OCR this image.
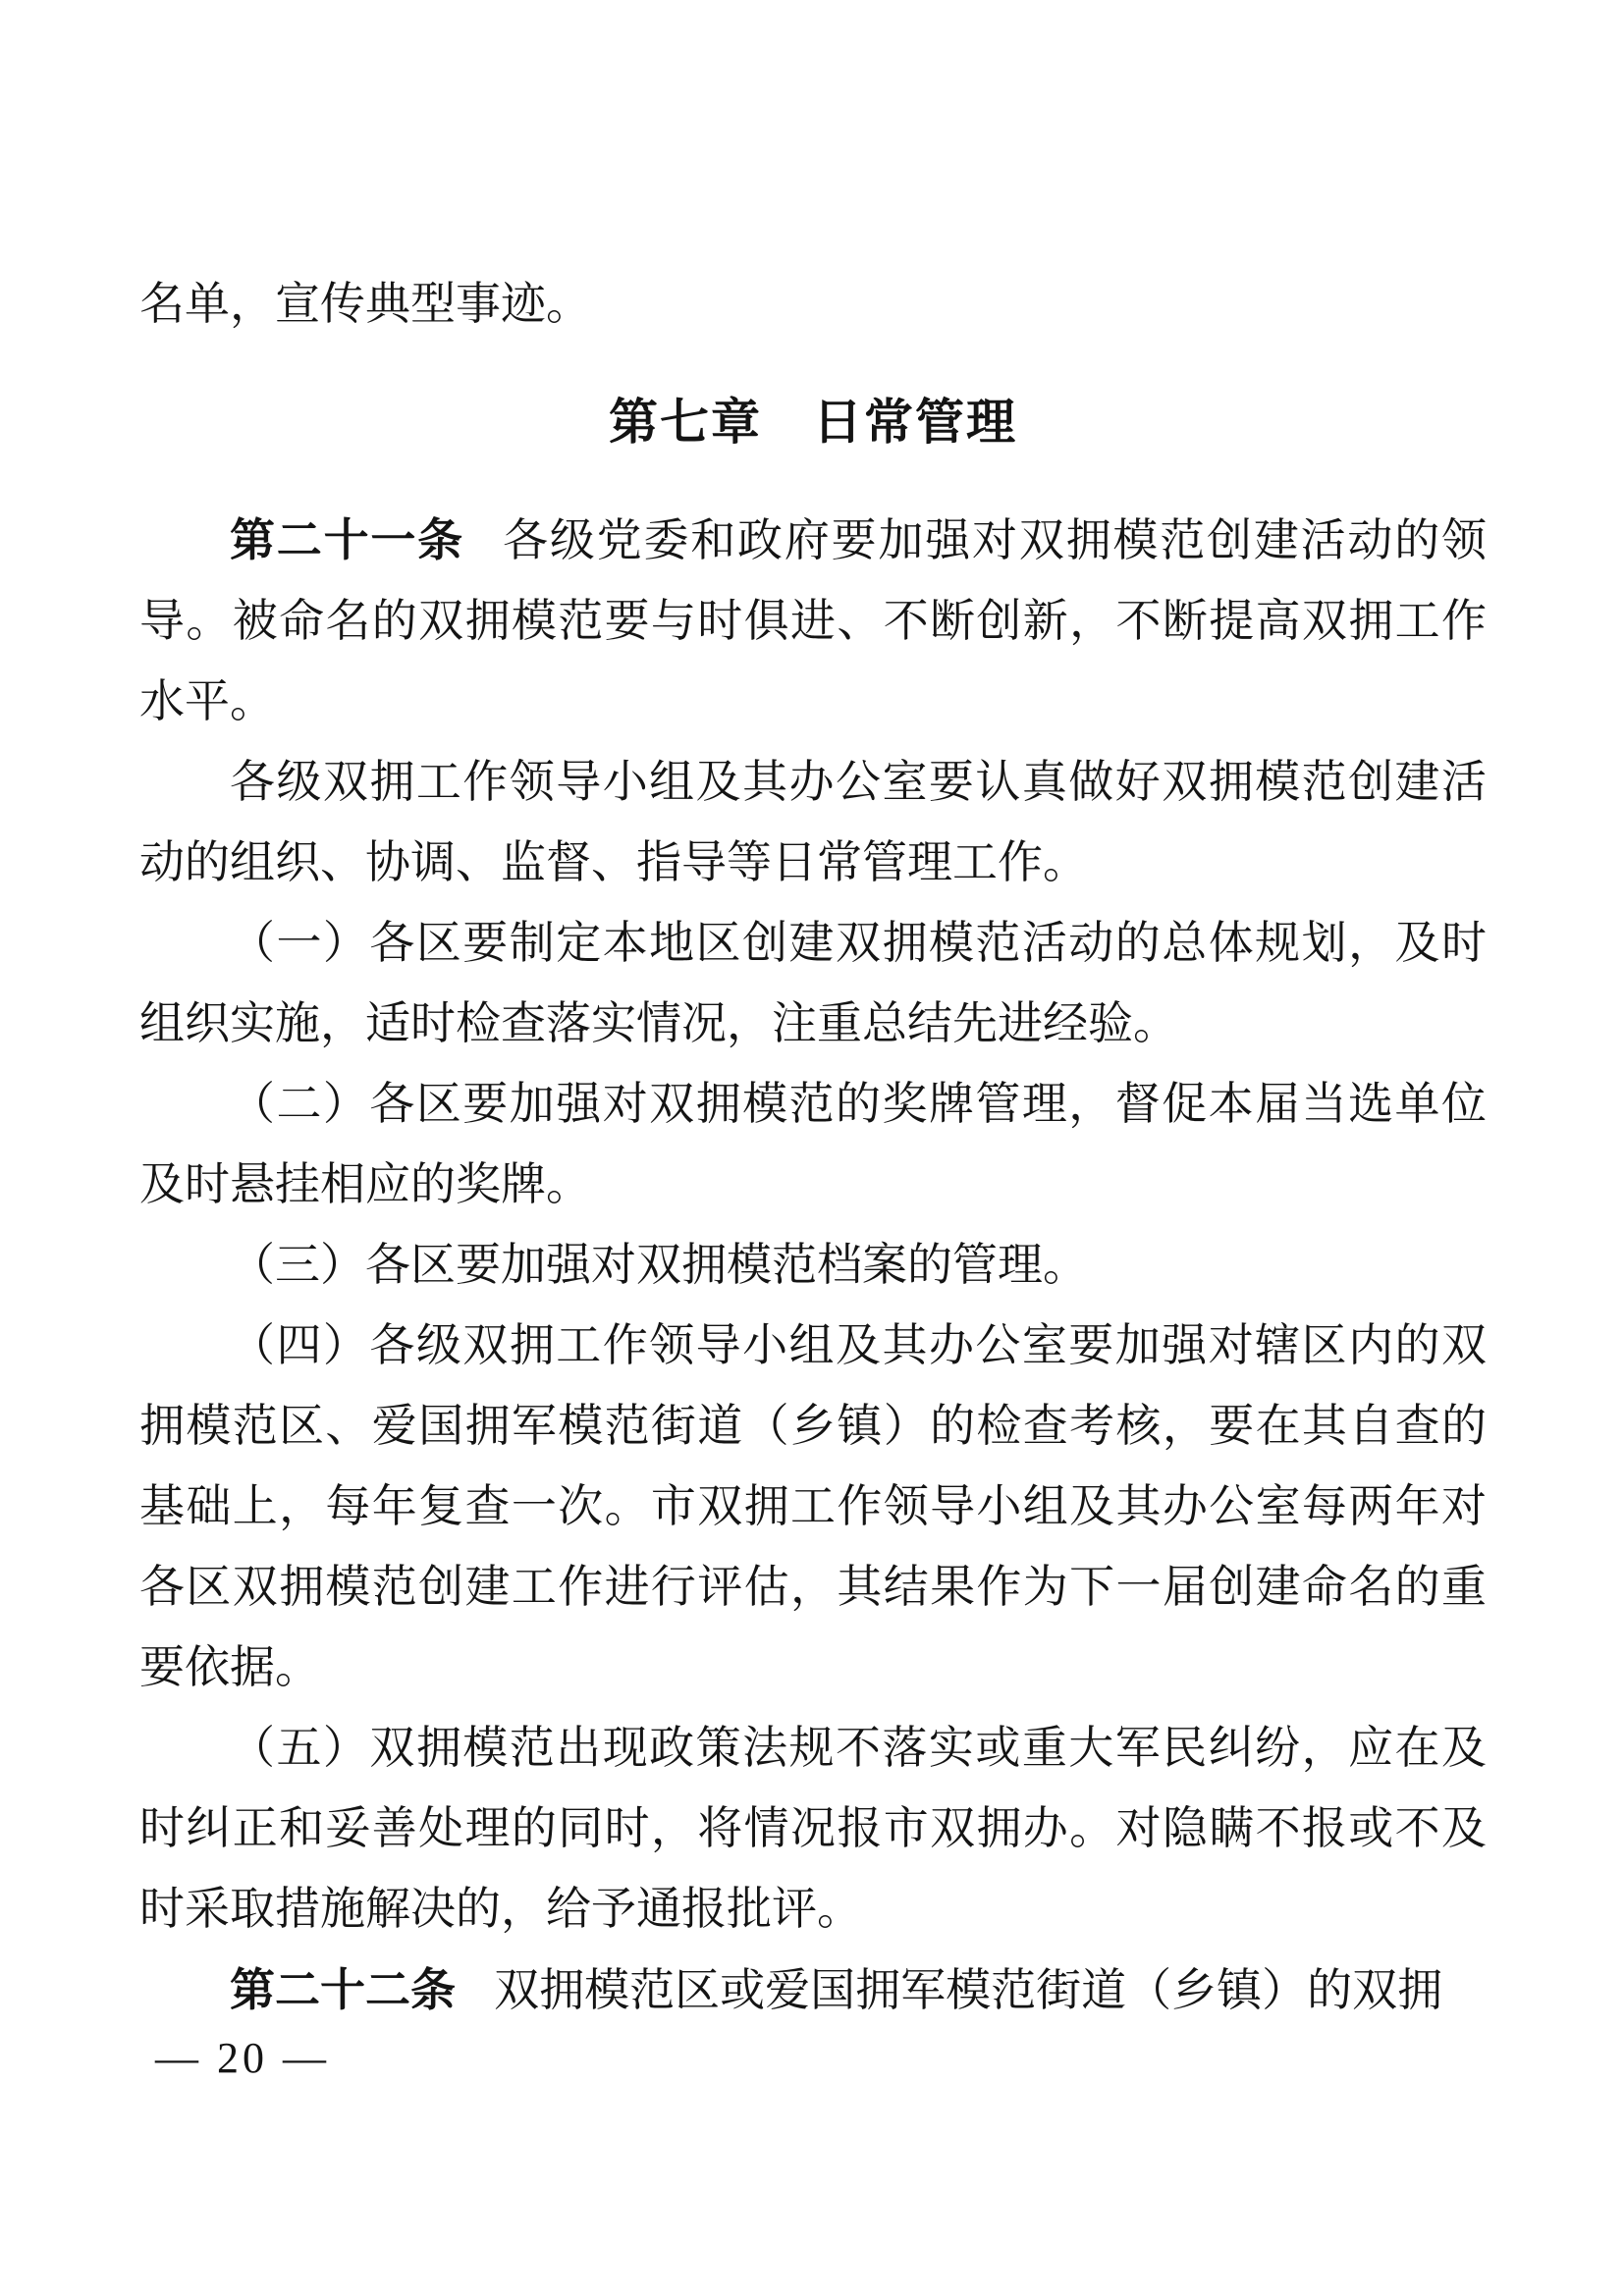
名单，宣传典型事迹。

第七章　日常管理

第二十一条 各级党委和政府要加强对双拥模范创建活动的领导。被命名的双拥模范要与时俱进、不断创新，不断提高双拥工作水平。

各级双拥工作领导小组及其办公室要认真做好双拥模范创建活动的组织、协调、监督、指导等日常管理工作。

（一）各区要制定本地区创建双拥模范活动的总体规划，及时组织实施，适时检查落实情况，注重总结先进经验。

（二）各区要加强对双拥模范的奖牌管理，督促本届当选单位及时悬挂相应的奖牌。

（三）各区要加强对双拥模范档案的管理。

（四）各级双拥工作领导小组及其办公室要加强对辖区内的双拥模范区、爱国拥军模范街道（乡镇）的检查考核，要在其自查的基础上，每年复查一次。市双拥工作领导小组及其办公室每两年对各区双拥模范创建工作进行评估，其结果作为下一届创建命名的重要依据。

（五）双拥模范出现政策法规不落实或重大军民纠纷，应在及时纠正和妥善处理的同时，将情况报市双拥办。对隐瞒不报或不及时采取措施解决的，给予通报批评。

第二十二条 双拥模范区或爱国拥军模范街道（乡镇）的双拥

— 20 —
